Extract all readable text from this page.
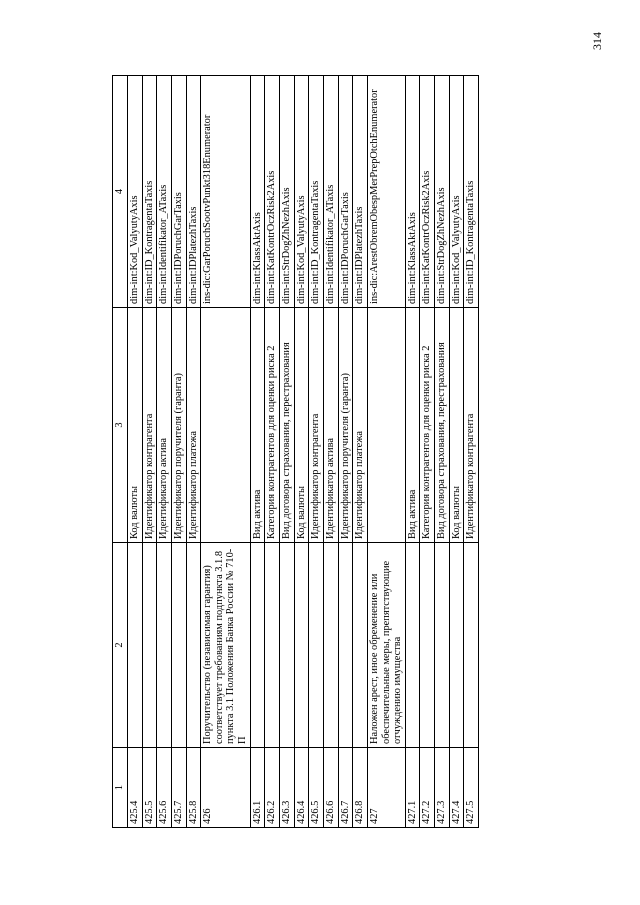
1	2	3	4
425.4		Код валюты	dim-int:Kod_ValyutyAxis
425.5		Идентификатор контрагента	dim-int:ID_KontragentaTaxis
425.6		Идентификатор актива	dim-int:Identifikator_ATaxis
425.7		Идентификатор поручителя (гаранта)	dim-int:IDPoruchGarTaxis
425.8		Идентификатор платежа	dim-int:IDPlatezhTaxis
426	Поручительство (независимая гарантия) соответствует требованиям подпункта 3.1.8 пункта 3.1 Положения Банка России № 710-П		ins-dic:GarPoruchSootvPunkt318Enumerator
426.1		Вид актива	dim-int:KlassAktAxis
426.2		Категория контрагентов для оценки риска 2	dim-int:KatKontrOczRisk2Axis
426.3		Вид договора страхования, перестрахования	dim-int:StrDogZhNezhAxis
426.4		Код валюты	dim-int:Kod_ValyutyAxis
426.5		Идентификатор контрагента	dim-int:ID_KontragentaTaxis
426.6		Идентификатор актива	dim-int:Identifikator_ATaxis
426.7		Идентификатор поручителя (гаранта)	dim-int:IDPoruchGarTaxis
426.8		Идентификатор платежа	dim-int:IDPlatezhTaxis
427	Наложен арест, иное обременение или обеспечительные меры, препятствующие отчуждению имущества		ins-dic:ArestObremObespMerPrepOtchEnumerator
427.1		Вид актива	dim-int:KlassAktAxis
427.2		Категория контрагентов для оценки риска 2	dim-int:KatKontrOczRisk2Axis
427.3		Вид договора страхования, перестрахования	dim-int:StrDogZhNezhAxis
427.4		Код валюты	dim-int:Kod_ValyutyAxis
427.5		Идентификатор контрагента	dim-int:ID_KontragentaTaxis
314
